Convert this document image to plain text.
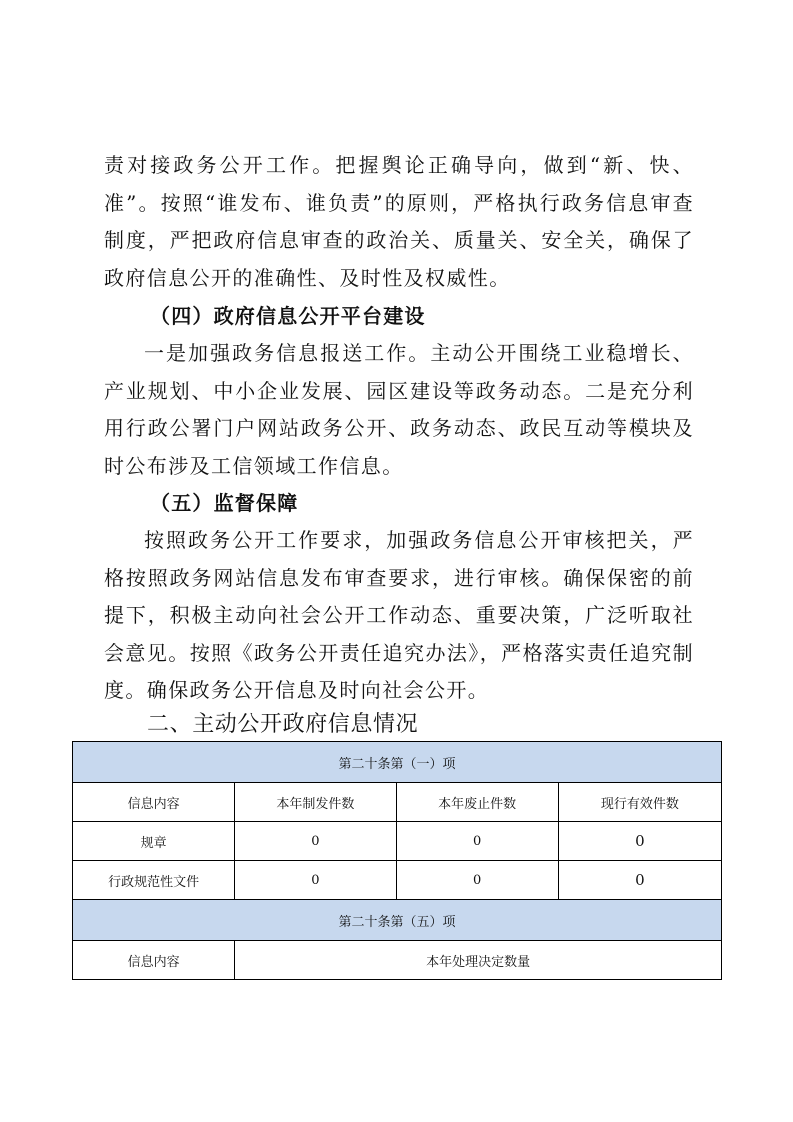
责对接政务公开工作。把握舆论正确导向，做到“新、快、准”。按照“谁发布、谁负责”的原则，严格执行政务信息审查制度，严把政府信息审查的政治关、质量关、安全关，确保了政府信息公开的准确性、及时性及权威性。

（四）政府信息公开平台建设

一是加强政务信息报送工作。主动公开围绕工业稳增长、产业规划、中小企业发展、园区建设等政务动态。二是充分利用行政公署门户网站政务公开、政务动态、政民互动等模块及时公布涉及工信领域工作信息。

（五）监督保障

按照政务公开工作要求，加强政务信息公开审核把关，严格按照政务网站信息发布审查要求，进行审核。确保保密的前提下，积极主动向社会公开工作动态、重要决策，广泛听取社会意见。按照《政务公开责任追究办法》，严格落实责任追究制度。确保政务公开信息及时向社会公开。

二、主动公开政府信息情况

第二十条第（一）项			
信息内容	本年制发件数	本年废止件数	现行有效件数
规章	0	0	0
行政规范性文件	0	0	0
第二十条第（五）项			
信息内容	本年处理决定数量		
